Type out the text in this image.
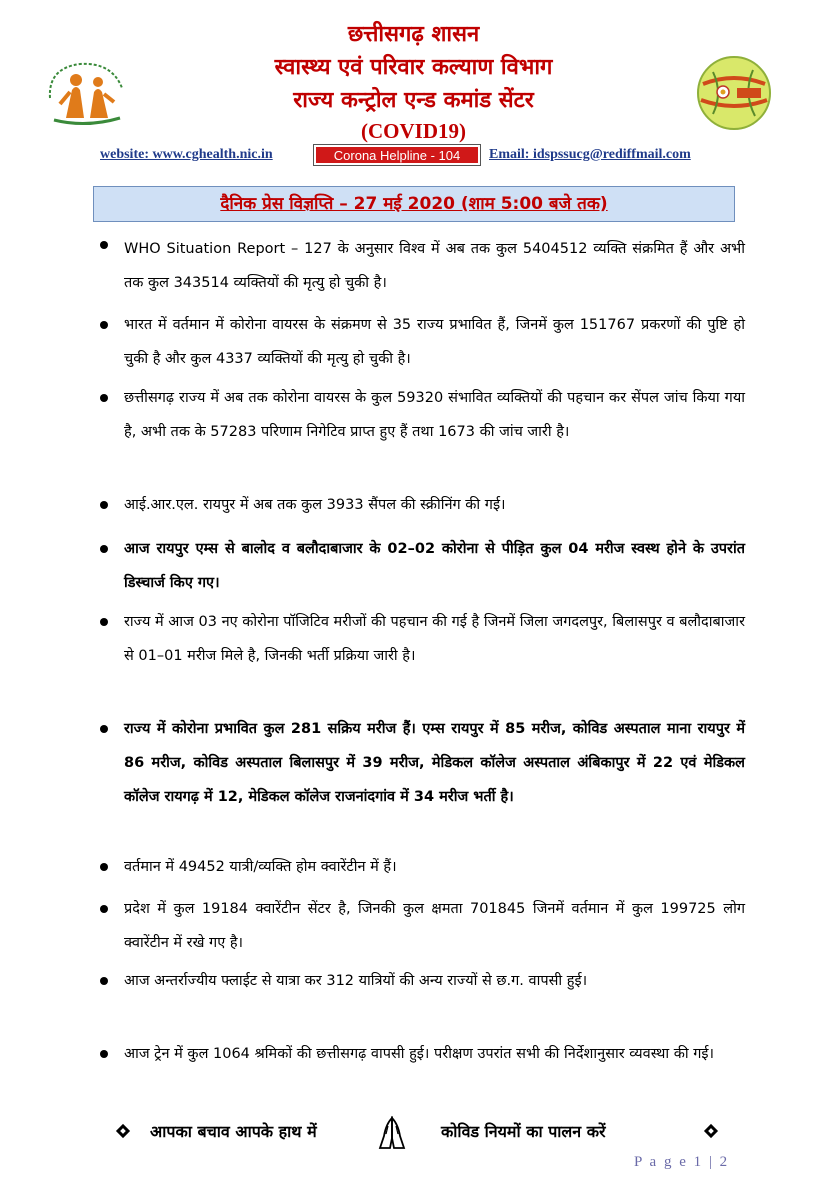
छत्तीसगढ़ शासन
स्वास्थ्य एवं परिवार कल्याण विभाग
राज्य कन्ट्रोल एन्ड कमांड सेंटर
(COVID19)
website: www.cghealth.nic.in	Corona Helpline - 104	Email: idspssucg@rediffmail.com
दैनिक प्रेस विज्ञप्ति – 27 मई 2020 (शाम 5:00 बजे तक)
WHO Situation Report – 127 के अनुसार विश्व में अब तक कुल 5404512 व्यक्ति संक्रमित हैं और अभी तक कुल 343514 व्यक्तियों की मृत्यु हो चुकी है।
भारत में वर्तमान में कोरोना वायरस के संक्रमण से 35 राज्य प्रभावित हैं, जिनमें कुल 151767 प्रकरणों की पुष्टि हो चुकी है और कुल 4337 व्यक्तियों की मृत्यु हो चुकी है।
छत्तीसगढ़ राज्य में अब तक कोरोना वायरस के कुल 59320 संभावित व्यक्तियों की पहचान कर सेंपल जांच किया गया है, अभी तक के 57283 परिणाम निगेटिव प्राप्त हुए हैं तथा 1673 की जांच जारी है।
आई.आर.एल. रायपुर में अब तक कुल 3933 सैंपल की स्क्रीनिंग की गई।
आज रायपुर एम्स से बालोद व बलौदाबाजार के 02–02 कोरोना से पीड़ित कुल 04 मरीज स्वस्थ होने के उपरांत डिस्चार्ज किए गए।
राज्य में आज 03 नए कोरोना पॉजिटिव मरीजों की पहचान की गई है जिनमें जिला जगदलपुर, बिलासपुर व बलौदाबाजार से 01–01 मरीज मिले है, जिनकी भर्ती प्रक्रिया जारी है।
राज्य में कोरोना प्रभावित कुल 281 सक्रिय मरीज हैं। एम्स रायपुर में 85 मरीज, कोविड अस्पताल माना रायपुर में 86 मरीज, कोविड अस्पताल बिलासपुर में 39 मरीज, मेडिकल कॉलेज अस्पताल अंबिकापुर में 22 एवं मेडिकल कॉलेज रायगढ़ में 12, मेडिकल कॉलेज राजनांदगांव में 34 मरीज भर्ती है।
वर्तमान में 49452 यात्री/व्यक्ति होम क्वारेंटीन में हैं।
प्रदेश में कुल 19184 क्वारेंटीन सेंटर है, जिनकी कुल क्षमता 701845 जिनमें वर्तमान में कुल 199725 लोग क्वारेंटीन में रखे गए है।
आज अन्तर्राज्यीय फ्लाईट से यात्रा कर 312 यात्रियों की अन्य राज्यों से छ.ग. वापसी हुई।
आज ट्रेन में कुल 1064 श्रमिकों की छत्तीसगढ़ वापसी हुई। परीक्षण उपरांत सभी की निर्देशानुसार व्यवस्था की गई।
आपका बचाव आपके हाथ में	कोविड नियमों का पालन करें
P a g e 1 | 2
